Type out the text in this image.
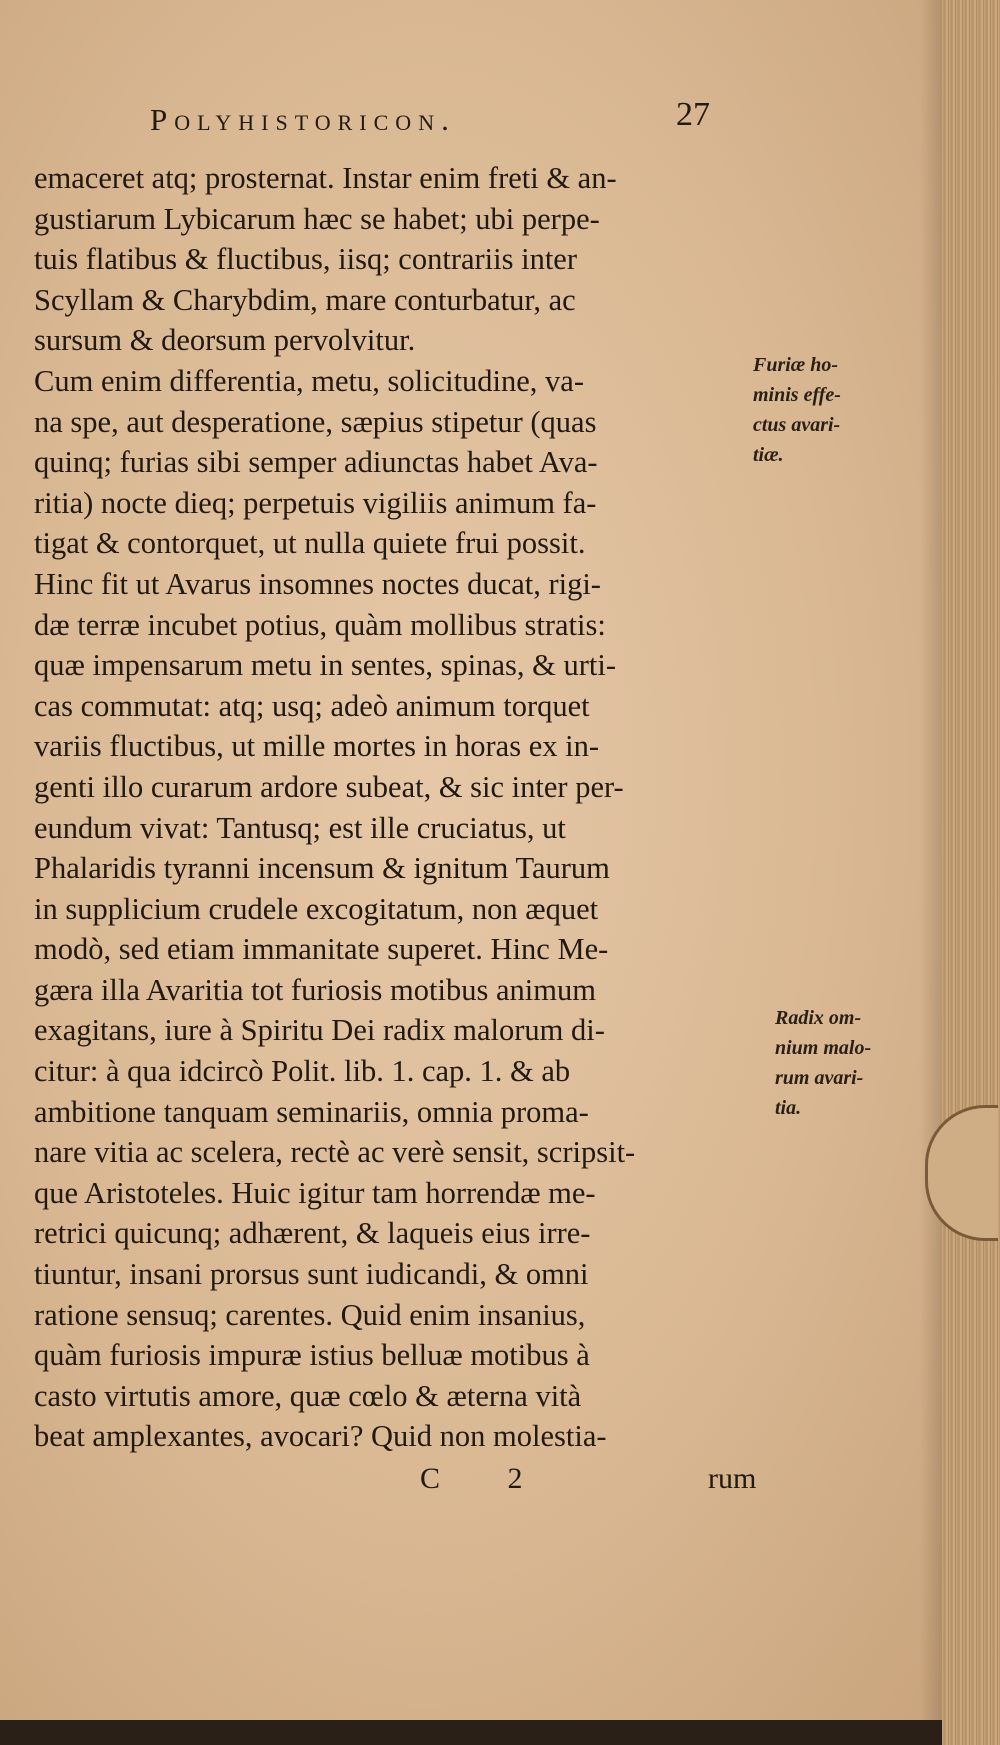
Polyhistoricon.	27
emaceret atq; prosternat. Instar enim freti & an-
gustiarum Lybicarum hæc se habet; ubi perpe-
tuis flatibus & fluctibus, iisq; contrariis inter
Scyllam & Charybdim, mare conturbatur, ac
sursum & deorsum pervolvitur.
Cum enim differentia, metu, solicitudine, va-
na spe, aut desperatione, sæpius stipetur (quas
quinq; furias sibi semper adiunctas habet Ava-
ritia) nocte dieq; perpetuis vigiliis animum fa-
tigat & contorquet, ut nulla quiete frui possit.
Hinc fit ut Avarus insomnes noctes ducat, rigi-
dæ terræ incubet potius, quàm mollibus stratis:
quæ impensarum metu in sentes, spinas, & urti-
cas commutat: atq; usq; adeò animum torquet
variis fluctibus, ut mille mortes in horas ex in-
genti illo curarum ardore subeat, & sic inter per-
eundum vivat: Tantusq; est ille cruciatus, ut
Phalaridis tyranni incensum & ignitum Taurum
in supplicium crudele excogitatum, non æquet
modò, sed etiam immanitate superet. Hinc Me-
gæra illa Avaritia tot furiosis motibus animum
exagitans, iure à Spiritu Dei radix malorum di-
citur: à qua idcircò Polit. lib. 1. cap. 1. & ab
ambitione tanquam seminariis, omnia proma-
nare vitia ac scelera, rectè ac verè sensit, scripsit-
que Aristoteles. Huic igitur tam horrendæ me-
retrici quicunq; adhærent, & laqueis eius irre-
tiuntur, insani prorsus sunt iudicandi, & omni
ratione sensuq; carentes. Quid enim insanius,
quàm furiosis impuræ istius belluæ motibus à
casto virtutis amore, quæ cœlo & æterna vità
beat amplexantes, avocari? Quid non molestia-
Furiæ ho-
minis effe-
ctus avari-
tiæ.
Radix om-
nium malo-
rum avari-
tia.
C 2	rum
